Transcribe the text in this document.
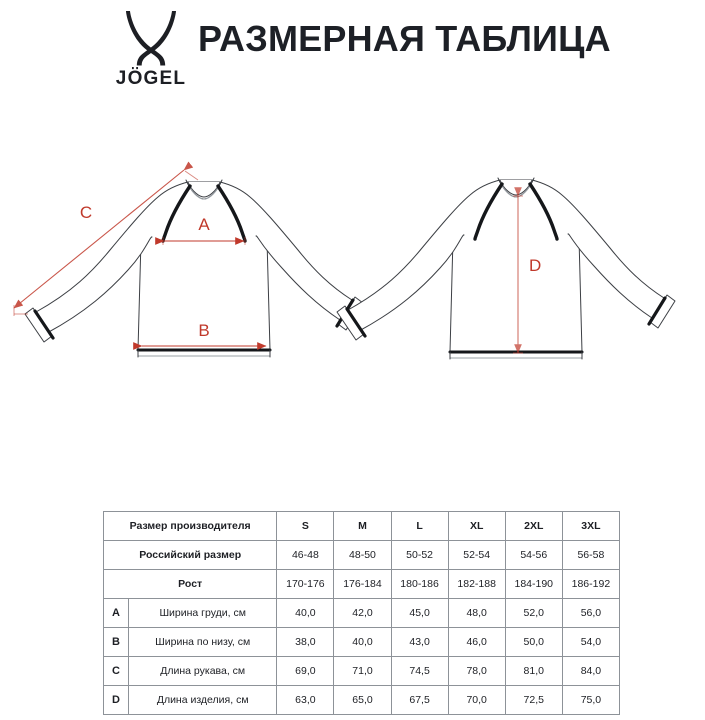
JÖGEL
РАЗМЕРНАЯ ТАБЛИЦА
A
B
C
D
Размер производителя		S	M	L	XL	2XL	3XL
Российский размер		46-48	48-50	50-52	52-54	54-56	56-58
Рост		170-176	176-184	180-186	182-188	184-190	186-192
A	Ширина груди, см	40,0	42,0	45,0	48,0	52,0	56,0
B	Ширина по низу, см	38,0	40,0	43,0	46,0	50,0	54,0
C	Длина рукава, см	69,0	71,0	74,5	78,0	81,0	84,0
D	Длина изделия, см	63,0	65,0	67,5	70,0	72,5	75,0
